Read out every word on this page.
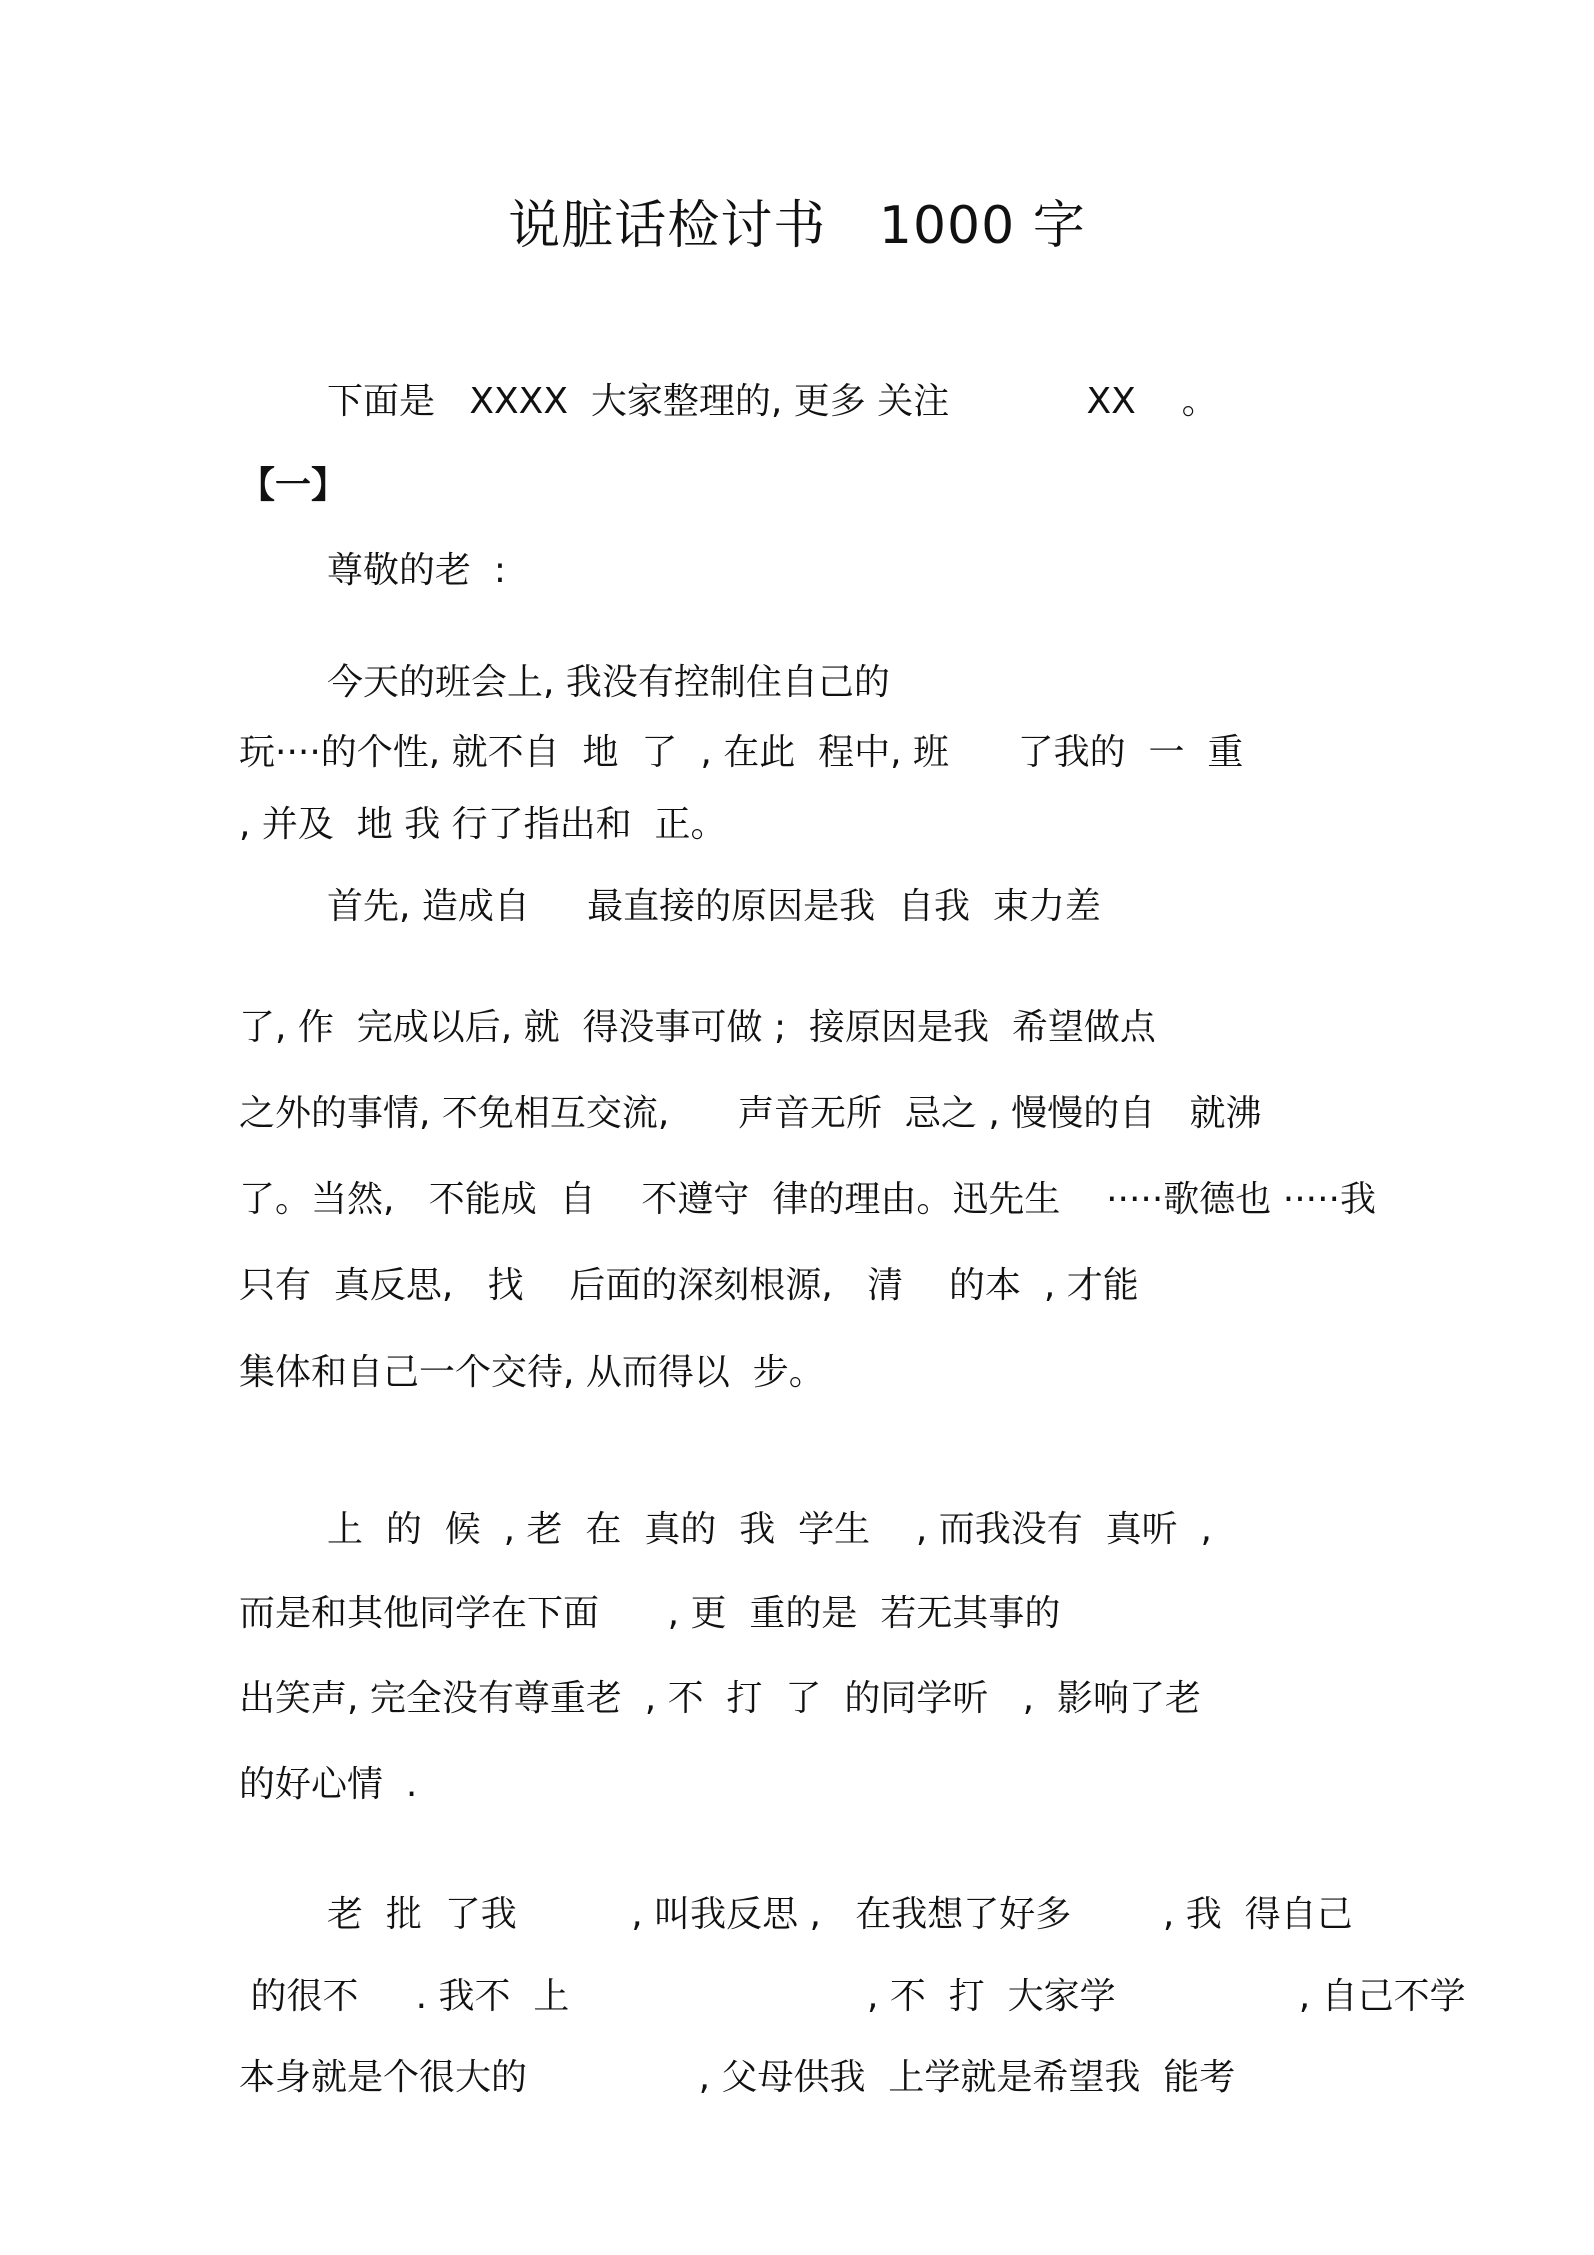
说脏话检讨书   1000 字
下面是   XXXX  大家整理的, 更多 关注            XX    。
【一】
尊敬的老  :
今天的班会上, 我没有控制住自己的
玩····的个性, 就不自  地  了  , 在此  程中, 班      了我的  一  重
, 并及  地 我 行了指出和  正。
首先, 造成自     最直接的原因是我  自我  束力差
了, 作  完成以后, 就  得没事可做 ;  接原因是我  希望做点
之外的事情, 不免相互交流,      声音无所  忌之 , 慢慢的自   就沸
了。当然,   不能成  自    不遵守  律的理由。迅先生    ·····歌德也 ·····我
只有  真反思,   找    后面的深刻根源,   清    的本  , 才能
集体和自己一个交待, 从而得以  步。
上  的  候  , 老  在  真的  我  学生    , 而我没有  真听  ,
而是和其他同学在下面      , 更  重的是  若无其事的
出笑声, 完全没有尊重老  , 不  打  了  的同学听   ,  影响了老
的好心情  .
老  批  了我          , 叫我反思 ,   在我想了好多        , 我  得自己
的很不     . 我不  上                          , 不  打  大家学                , 自己不学
本身就是个很大的               , 父母供我  上学就是希望我  能考
